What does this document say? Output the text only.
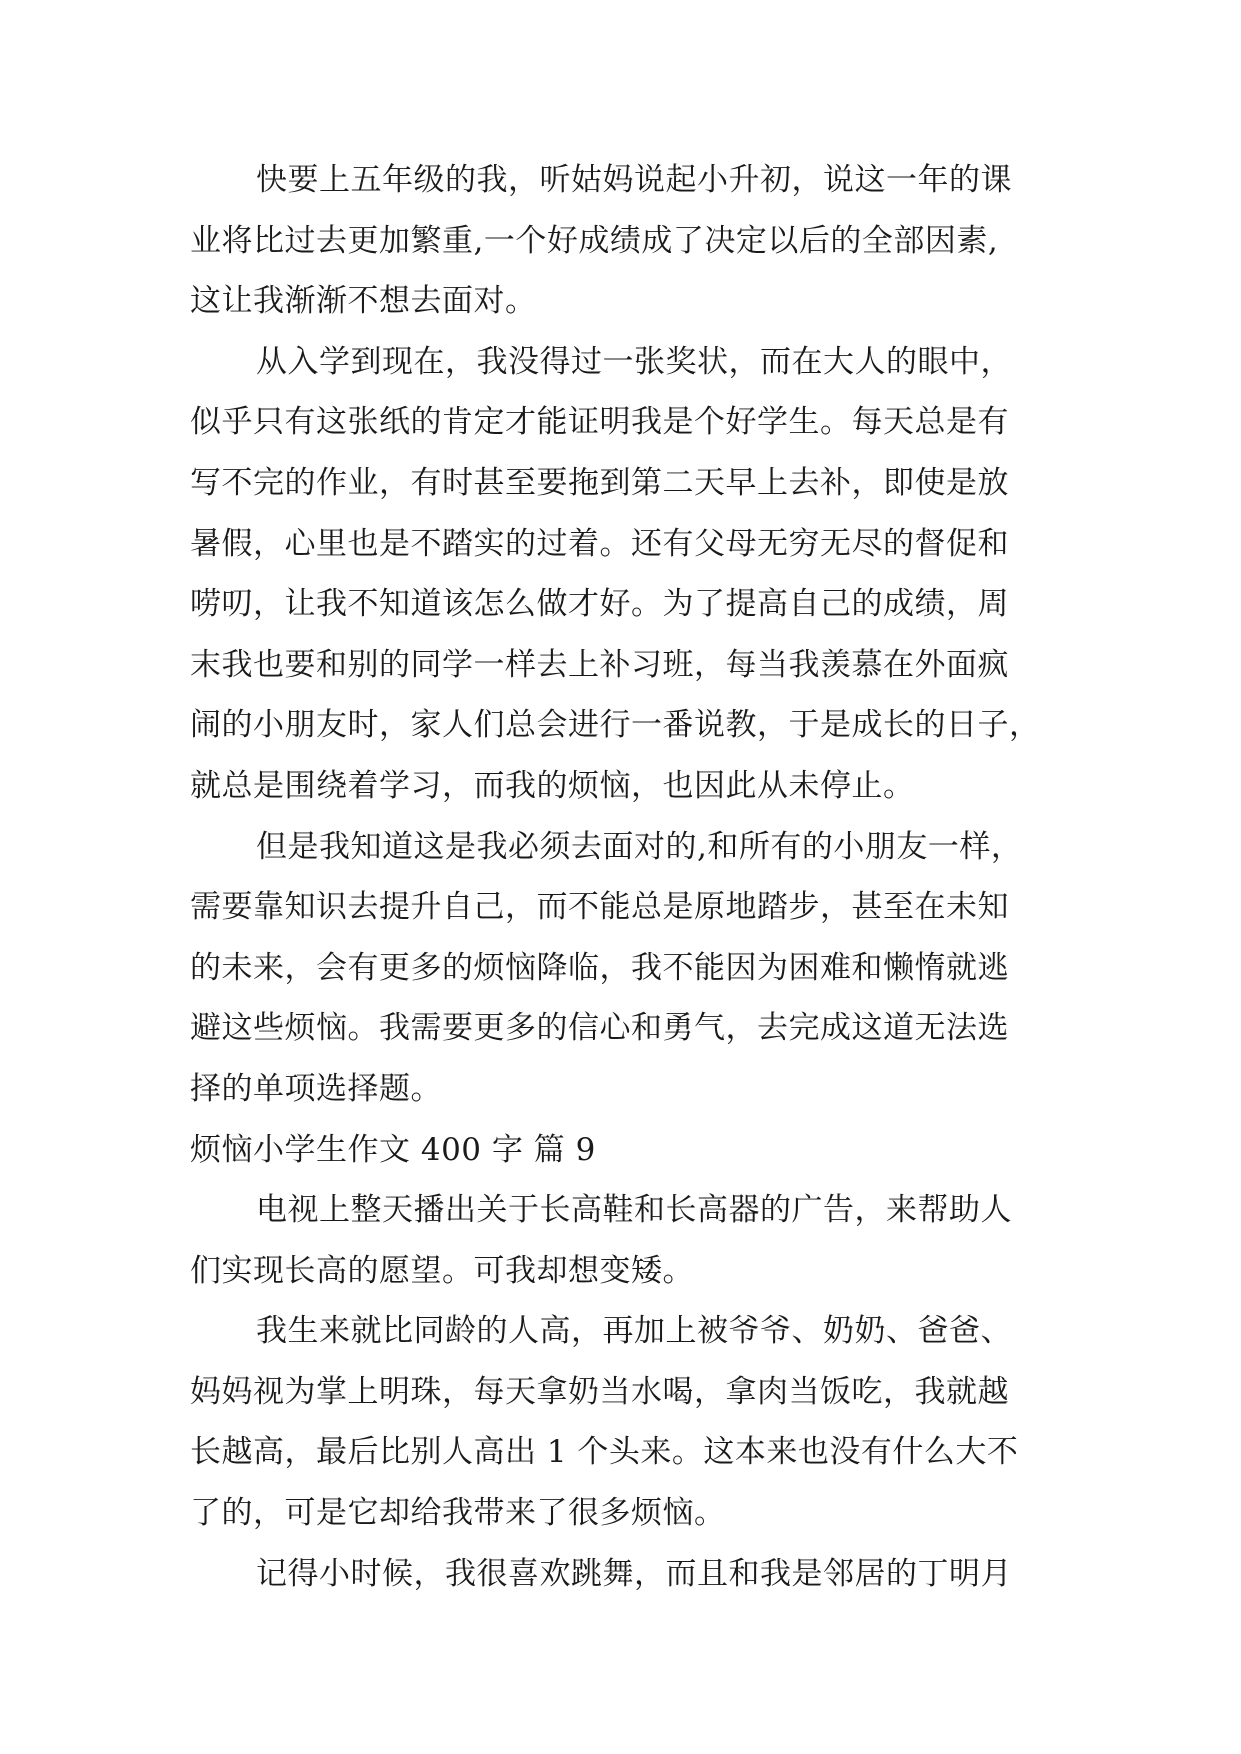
快要上五年级的我，听姑妈说起小升初，说这一年的课
业将比过去更加繁重,一个好成绩成了决定以后的全部因素,
这让我渐渐不想去面对。
从入学到现在，我没得过一张奖状，而在大人的眼中，
似乎只有这张纸的肯定才能证明我是个好学生。每天总是有
写不完的作业，有时甚至要拖到第二天早上去补，即使是放
暑假，心里也是不踏实的过着。还有父母无穷无尽的督促和
唠叨，让我不知道该怎么做才好。为了提高自己的成绩，周
末我也要和别的同学一样去上补习班，每当我羡慕在外面疯
闹的小朋友时，家人们总会进行一番说教，于是成长的日子，
就总是围绕着学习，而我的烦恼，也因此从未停止。
但是我知道这是我必须去面对的,和所有的小朋友一样，
需要靠知识去提升自己，而不能总是原地踏步，甚至在未知
的未来，会有更多的烦恼降临，我不能因为困难和懒惰就逃
避这些烦恼。我需要更多的信心和勇气，去完成这道无法选
择的单项选择题。
烦恼小学生作文 400 字 篇 9
电视上整天播出关于长高鞋和长高器的广告，来帮助人
们实现长高的愿望。可我却想变矮。
我生来就比同龄的人高，再加上被爷爷、奶奶、爸爸、
妈妈视为掌上明珠，每天拿奶当水喝，拿肉当饭吃，我就越
长越高，最后比别人高出 1 个头来。这本来也没有什么大不
了的，可是它却给我带来了很多烦恼。
记得小时候，我很喜欢跳舞，而且和我是邻居的丁明月
